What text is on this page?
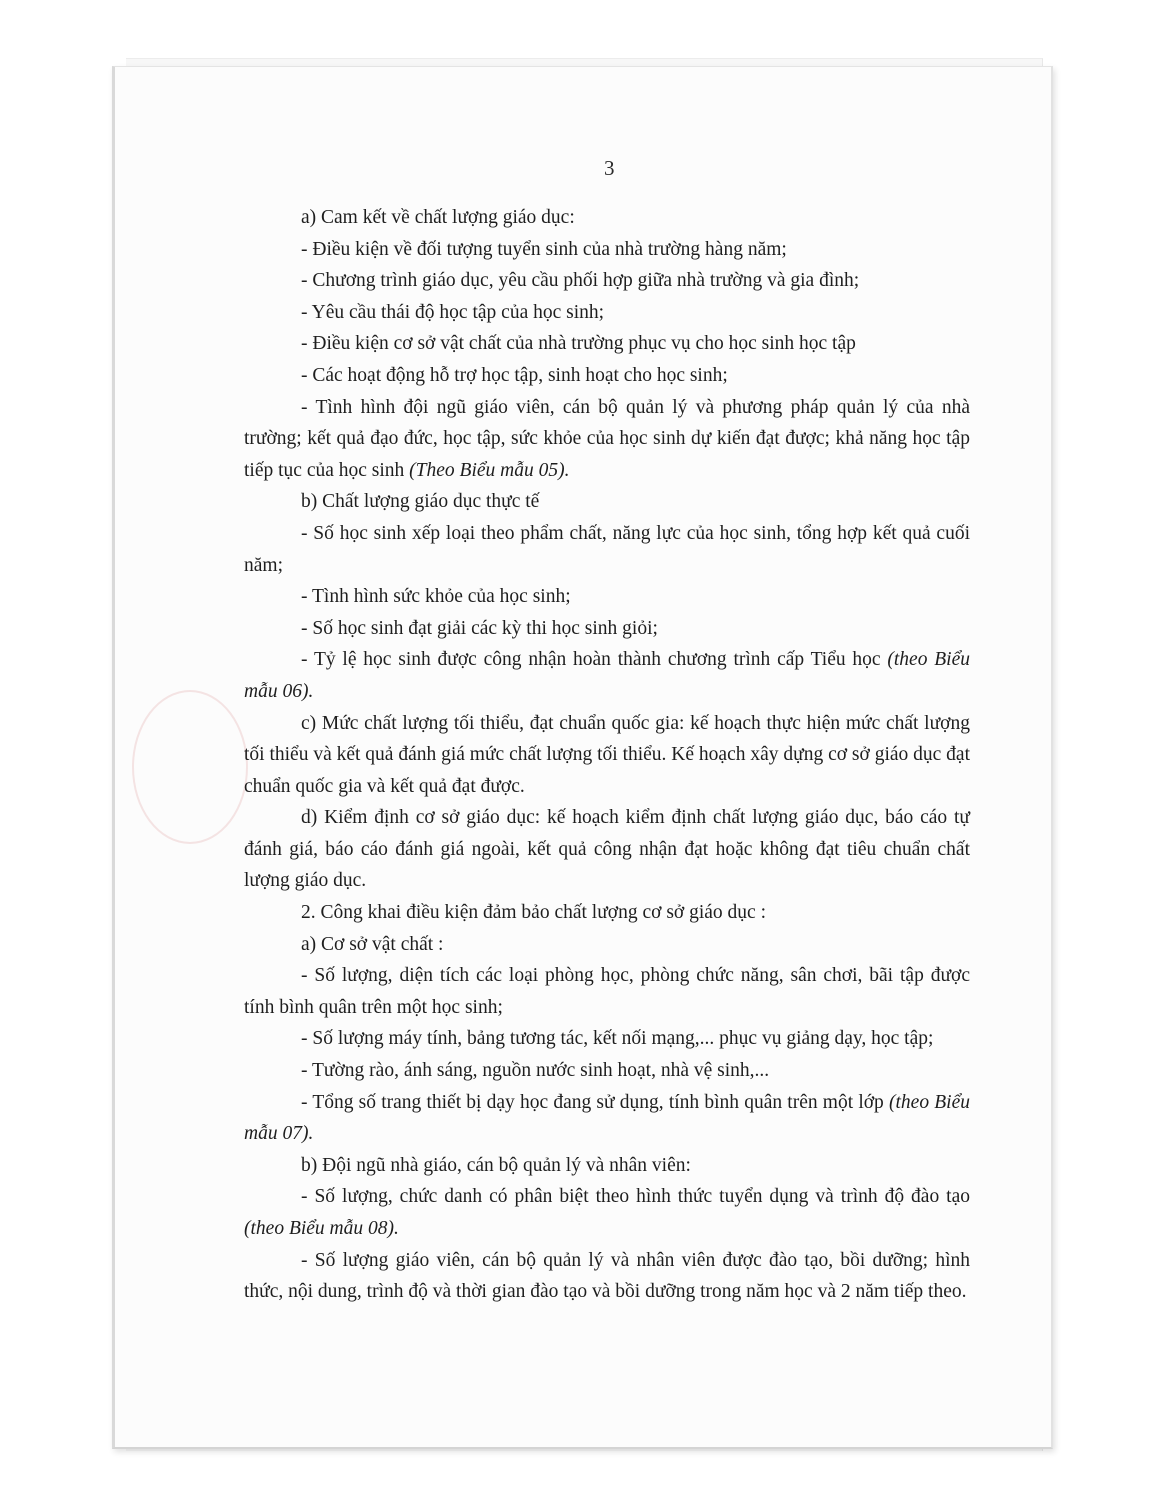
3

a) Cam kết về chất lượng giáo dục:

- Điều kiện về đối tượng tuyển sinh của nhà trường hàng năm;

- Chương trình giáo dục, yêu cầu phối hợp giữa nhà trường và gia đình;

- Yêu cầu thái độ học tập của học sinh;

- Điều kiện cơ sở vật chất của nhà trường phục vụ cho học sinh học tập

- Các hoạt động hỗ trợ học tập, sinh hoạt cho học sinh;

- Tình hình đội ngũ giáo viên, cán bộ quản lý và phương pháp quản lý của nhà trường; kết quả đạo đức, học tập, sức khỏe của học sinh dự kiến đạt được; khả năng học tập tiếp tục của học sinh (Theo Biểu mẫu 05).

b) Chất lượng giáo dục thực tế

- Số học sinh xếp loại theo phẩm chất, năng lực của học sinh, tổng hợp kết quả cuối năm;

- Tình hình sức khỏe của học sinh;

- Số học sinh đạt giải các kỳ thi học sinh giỏi;

- Tỷ lệ học sinh được công nhận hoàn thành chương trình cấp Tiểu học (theo Biểu mẫu 06).

c) Mức chất lượng tối thiểu, đạt chuẩn quốc gia: kế hoạch thực hiện mức chất lượng tối thiểu và kết quả đánh giá mức chất lượng tối thiểu. Kế hoạch xây dựng cơ sở giáo dục đạt chuẩn quốc gia và kết quả đạt được.

d) Kiểm định cơ sở giáo dục: kế hoạch kiểm định chất lượng giáo dục, báo cáo tự đánh giá, báo cáo đánh giá ngoài, kết quả công nhận đạt hoặc không đạt tiêu chuẩn chất lượng giáo dục.

2. Công khai điều kiện đảm bảo chất lượng cơ sở giáo dục :

a) Cơ sở vật chất :

- Số lượng, diện tích các loại phòng học, phòng chức năng, sân chơi, bãi tập được tính bình quân trên một học sinh;

- Số lượng máy tính, bảng tương tác, kết nối mạng,... phục vụ giảng dạy, học tập;

- Tường rào, ánh sáng, nguồn nước sinh hoạt, nhà vệ sinh,...

- Tổng số trang thiết bị dạy học đang sử dụng, tính bình quân trên một lớp (theo Biểu mẫu 07).

b) Đội ngũ nhà giáo, cán bộ quản lý và nhân viên:

- Số lượng, chức danh có phân biệt theo hình thức tuyển dụng và trình độ đào tạo (theo Biểu mẫu 08).

- Số lượng giáo viên, cán bộ quản lý và nhân viên được đào tạo, bồi dưỡng; hình thức, nội dung, trình độ và thời gian đào tạo và bồi dưỡng trong năm học và 2 năm tiếp theo.
